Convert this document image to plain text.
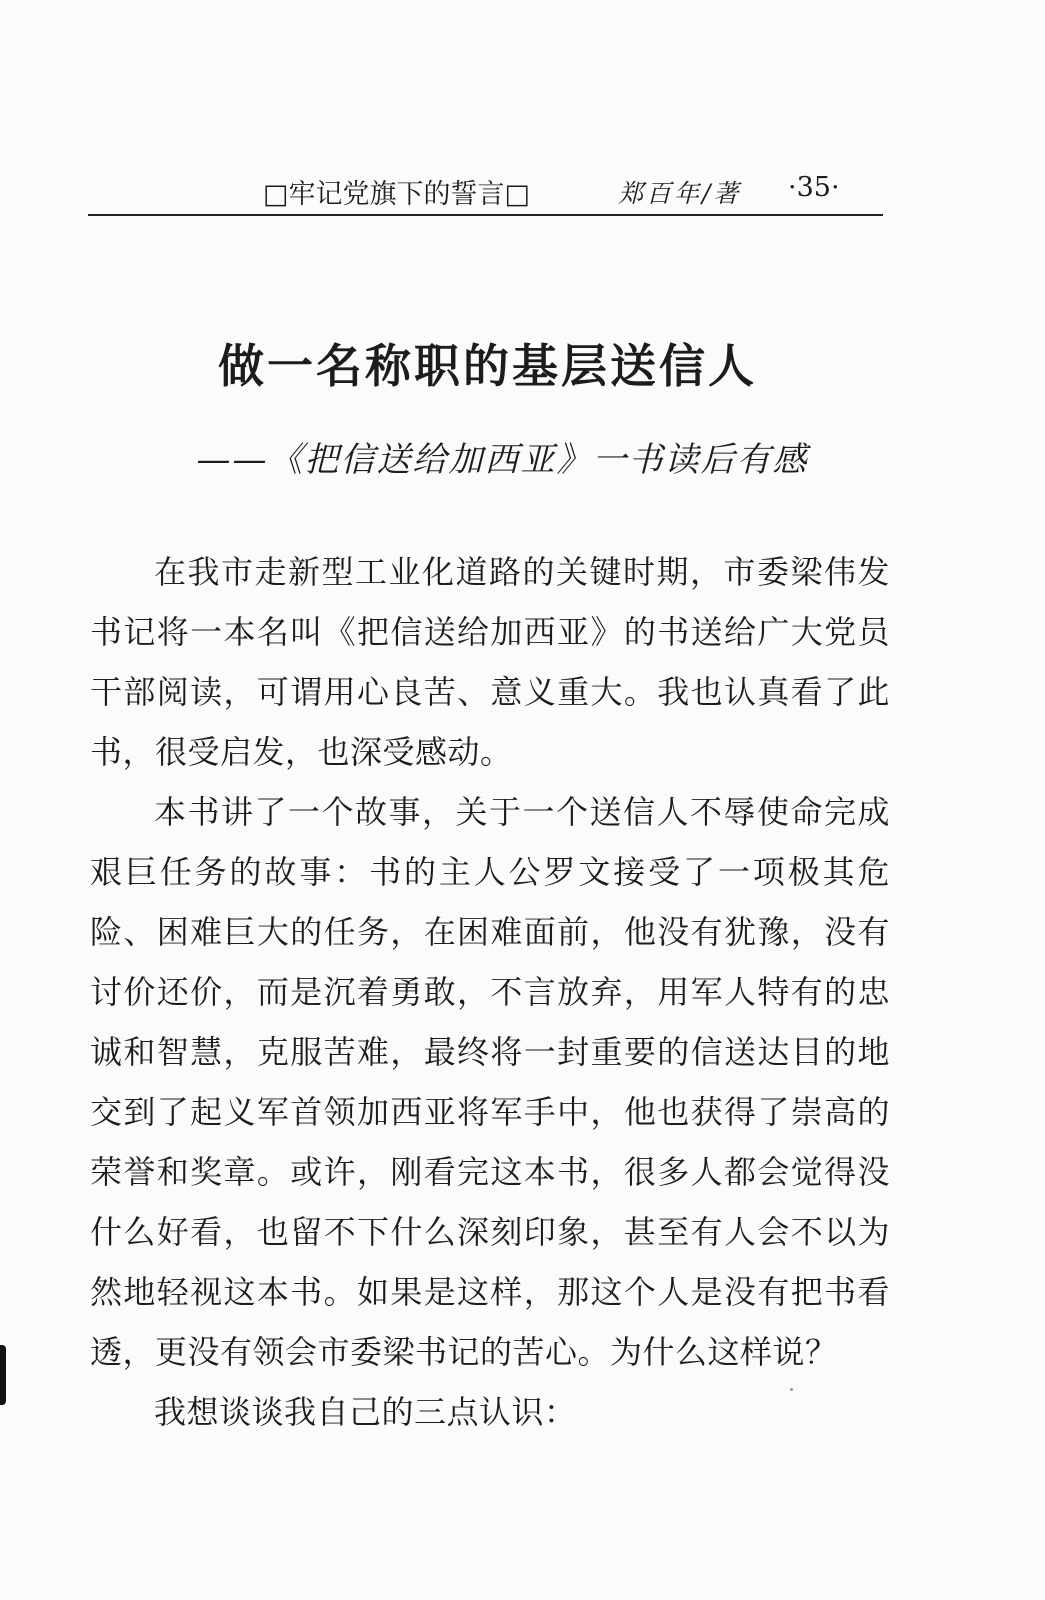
□牢记党旗下的誓言□	郑百年/著 ·35·
做一名称职的基层送信人
——《把信送给加西亚》一书读后有感

在我市走新型工业化道路的关键时期，市委梁伟发书记将一本名叫《把信送给加西亚》的书送给广大党员干部阅读，可谓用心良苦、意义重大。我也认真看了此书，很受启发，也深受感动。

本书讲了一个故事，关于一个送信人不辱使命完成艰巨任务的故事：书的主人公罗文接受了一项极其危险、困难巨大的任务，在困难面前，他没有犹豫，没有讨价还价，而是沉着勇敢，不言放弃，用军人特有的忠诚和智慧，克服苦难，最终将一封重要的信送达目的地交到了起义军首领加西亚将军手中，他也获得了崇高的荣誉和奖章。或许，刚看完这本书，很多人都会觉得没什么好看，也留不下什么深刻印象，甚至有人会不以为然地轻视这本书。如果是这样，那这个人是没有把书看透，更没有领会市委梁书记的苦心。为什么这样说？

我想谈谈我自己的三点认识：
